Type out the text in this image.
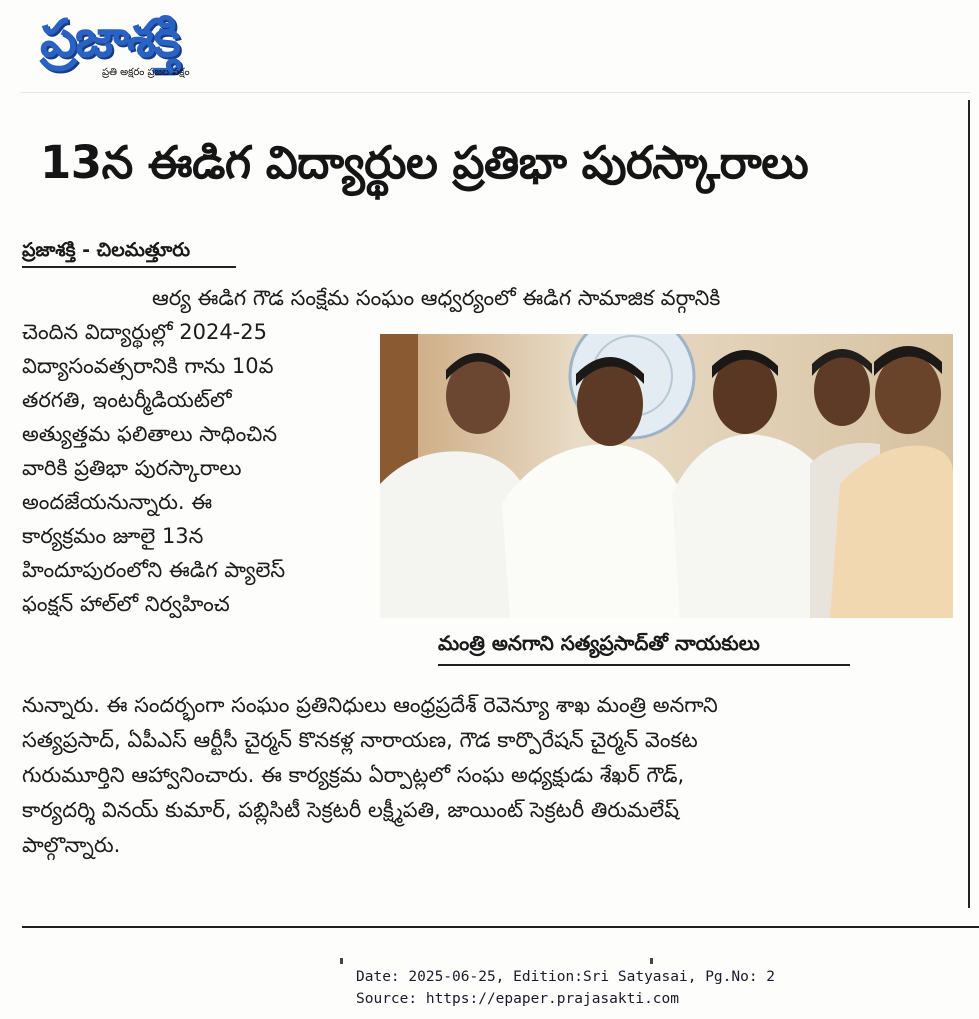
ప్రజాశక్తి
ప్రతి అక్షరం ప్రజల పక్షం
13న ఈడిగ విద్యార్థుల ప్రతిభా పురస్కారాలు
ప్రజాశక్తి - చిలమత్తూరు
ఆర్య ఈడిగ గౌడ సంక్షేమ సంఘం ఆధ్వర్యంలో ఈడిగ సామాజిక వర్గానికి
చెందిన విద్యార్థుల్లో 2024-25
విద్యాసంవత్సరానికి గాను 10వ
తరగతి, ఇంటర్మీడియట్‌లో
అత్యుత్తమ ఫలితాలు సాధించిన
వారికి ప్రతిభా పురస్కారాలు
అందజేయనున్నారు. ఈ
కార్యక్రమం జూలై 13న
హిందూపురంలోని ఈడిగ ప్యాలెస్
ఫంక్షన్ హాల్‌లో నిర్వహించ
మంత్రి అనగాని సత్యప్రసాద్‌తో నాయకులు
నున్నారు. ఈ సందర్భంగా సంఘం ప్రతినిధులు ఆంధ్రప్రదేశ్ రెవెన్యూ శాఖ మంత్రి అనగాని
సత్యప్రసాద్, ఏపీఎస్ ఆర్టీసీ చైర్మన్ కొనకళ్ల నారాయణ, గౌడ కార్పొరేషన్ చైర్మన్ వెంకట
గురుమూర్తిని ఆహ్వానించారు. ఈ కార్యక్రమ ఏర్పాట్లలో సంఘ అధ్యక్షుడు శేఖర్ గౌడ్,
కార్యదర్శి వినయ్ కుమార్, పబ్లిసిటీ సెక్రటరీ లక్ష్మీపతి, జాయింట్ సెక్రటరీ తిరుమలేష్
పాల్గొన్నారు.
Date: 2025-06-25, Edition:Sri Satyasai, Pg.No: 2
Source: https://epaper.prajasakti.com
